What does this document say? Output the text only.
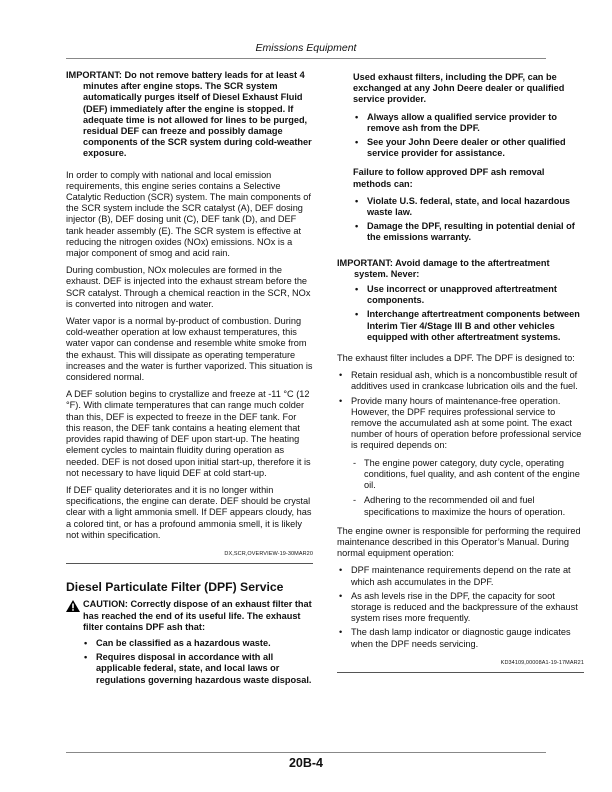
Emissions Equipment

IMPORTANT: Do not remove battery leads for at least 4 minutes after engine stops. The SCR system automatically purges itself of Diesel Exhaust Fluid (DEF) immediately after the engine is stopped. If adequate time is not allowed for lines to be purged, residual DEF can freeze and possibly damage components of the SCR system during cold-weather exposure.

In order to comply with national and local emission requirements, this engine series contains a Selective Catalytic Reduction (SCR) system. The main components of the SCR system include the SCR catalyst (A), DEF dosing injector (B), DEF dosing unit (C), DEF tank (D), and DEF tank header assembly (E). The SCR system is effective at reducing the nitrogen oxides (NOx) emissions. NOx is a major component of smog and acid rain.

During combustion, NOx molecules are formed in the exhaust. DEF is injected into the exhaust stream before the SCR catalyst. Through a chemical reaction in the SCR, NOx is converted into nitrogen and water.

Water vapor is a normal by-product of combustion. During cold-weather operation at low exhaust temperatures, this water vapor can condense and resemble white smoke from the exhaust. This will dissipate as operating temperature increases and the water is further vaporized. This situation is considered normal.

A DEF solution begins to crystallize and freeze at -11 °C (12 °F). With climate temperatures that can range much colder than this, DEF is expected to freeze in the DEF tank. For this reason, the DEF tank contains a heating element that provides rapid thawing of DEF upon start-up. The heating element cycles to maintain fluidity during operation as needed. DEF is not dosed upon initial start-up, therefore it is not necessary to have liquid DEF at cold start-up.

If DEF quality deteriorates and it is no longer within specifications, the engine can derate. DEF should be crystal clear with a light ammonia smell. If DEF appears cloudy, has a colored tint, or has a profound ammonia smell, it is likely not within specification.

DX,SCR,OVERVIEW-19-30MAR20
Diesel Particulate Filter (DPF) Service
CAUTION: Correctly dispose of an exhaust filter that has reached the end of its useful life. The exhaust filter contains DPF ash that:
• Can be classified as a hazardous waste.
• Requires disposal in accordance with all applicable federal, state, and local laws or regulations governing hazardous waste disposal.

Used exhaust filters, including the DPF, can be exchanged at any John Deere dealer or qualified service provider.

• Always allow a qualified service provider to remove ash from the DPF.
• See your John Deere dealer or other qualified service provider for assistance.

Failure to follow approved DPF ash removal methods can:

• Violate U.S. federal, state, and local hazardous waste law.
• Damage the DPF, resulting in potential denial of the emissions warranty.

IMPORTANT: Avoid damage to the aftertreatment system. Never:

• Use incorrect or unapproved aftertreatment components.
• Interchange aftertreatment components between Interim Tier 4/Stage III B and other vehicles equipped with other aftertreatment systems.

The exhaust filter includes a DPF. The DPF is designed to:

• Retain residual ash, which is a noncombustible result of additives used in crankcase lubrication oils and the fuel.
• Provide many hours of maintenance-free operation. However, the DPF requires professional service to remove the accumulated ash at some point. The exact number of hours of operation before professional service is required depends on:
- The engine power category, duty cycle, operating conditions, fuel quality, and ash content of the engine oil.
- Adhering to the recommended oil and fuel specifications to maximize the hours of operation.

The engine owner is responsible for performing the required maintenance described in this Operator’s Manual. During normal equipment operation:

• DPF maintenance requirements depend on the rate at which ash accumulates in the DPF.
• As ash levels rise in the DPF, the capacity for soot storage is reduced and the backpressure of the exhaust system rises more frequently.
• The dash lamp indicator or diagnostic gauge indicates when the DPF needs servicing.
KD34109,00008A1-19-17MAR21
20B-4
